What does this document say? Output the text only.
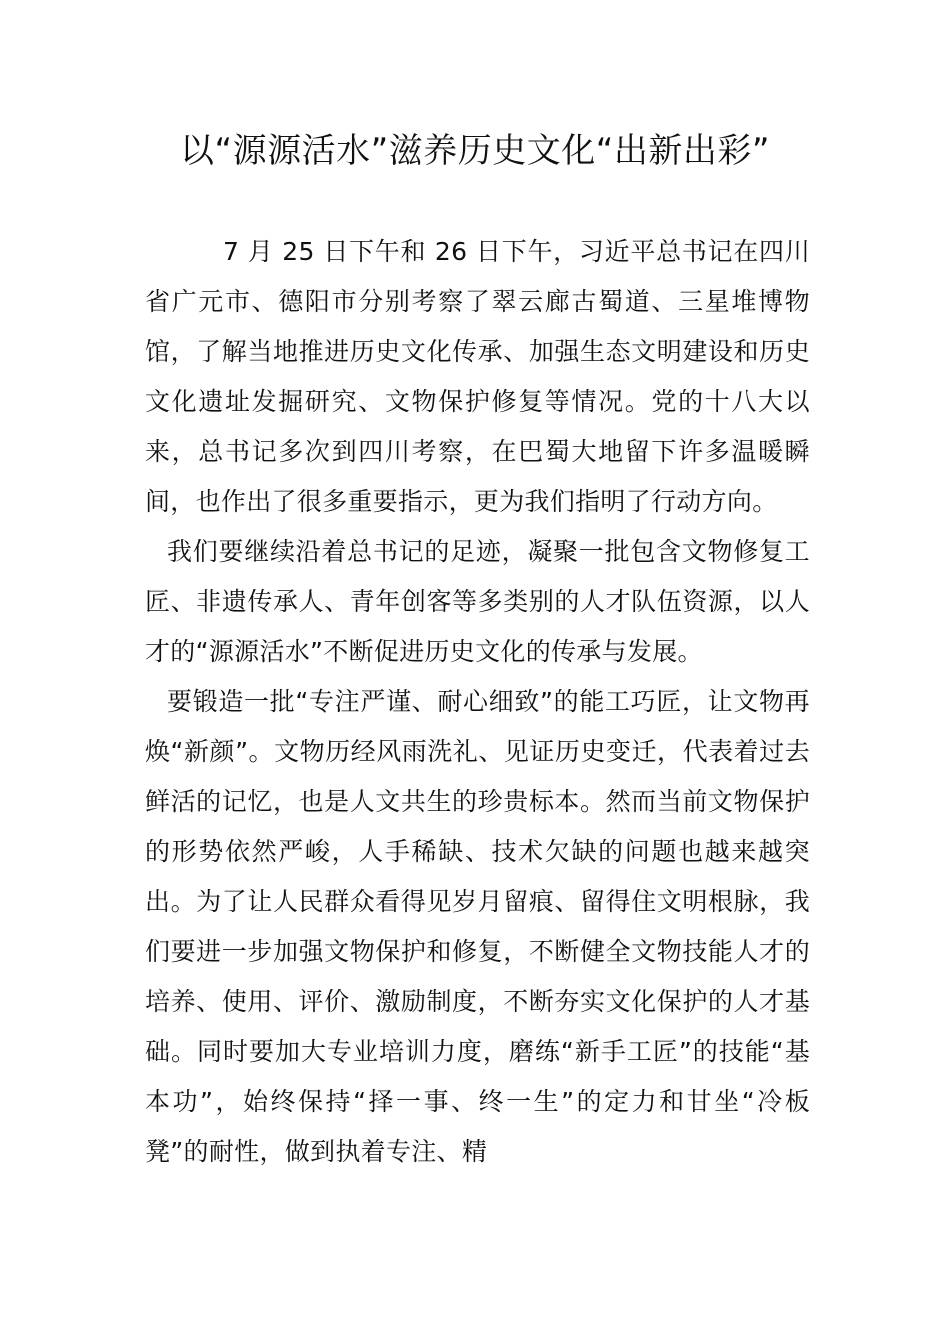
以“源源活水”滋养历史文化“出新出彩”

7 月 25 日下午和 26 日下午，习近平总书记在四川省广元市、德阳市分别考察了翠云廊古蜀道、三星堆博物馆，了解当地推进历史文化传承、加强生态文明建设和历史文化遗址发掘研究、文物保护修复等情况。党的十八大以来，总书记多次到四川考察，在巴蜀大地留下许多温暖瞬间，也作出了很多重要指示，更为我们指明了行动方向。

我们要继续沿着总书记的足迹，凝聚一批包含文物修复工匠、非遗传承人、青年创客等多类别的人才队伍资源，以人才的“源源活水”不断促进历史文化的传承与发展。

要锻造一批“专注严谨、耐心细致”的能工巧匠，让文物再焕“新颜”。文物历经风雨洗礼、见证历史变迁，代表着过去鲜活的记忆，也是人文共生的珍贵标本。然而当前文物保护的形势依然严峻，人手稀缺、技术欠缺的问题也越来越突出。为了让人民群众看得见岁月留痕、留得住文明根脉，我们要进一步加强文物保护和修复，不断健全文物技能人才的培养、使用、评价、激励制度，不断夯实文化保护的人才基础。同时要加大专业培训力度，磨练“新手工匠”的技能“基本功”，始终保持“择一事、终一生”的定力和甘坐“冷板凳”的耐性，做到执着专注、精
